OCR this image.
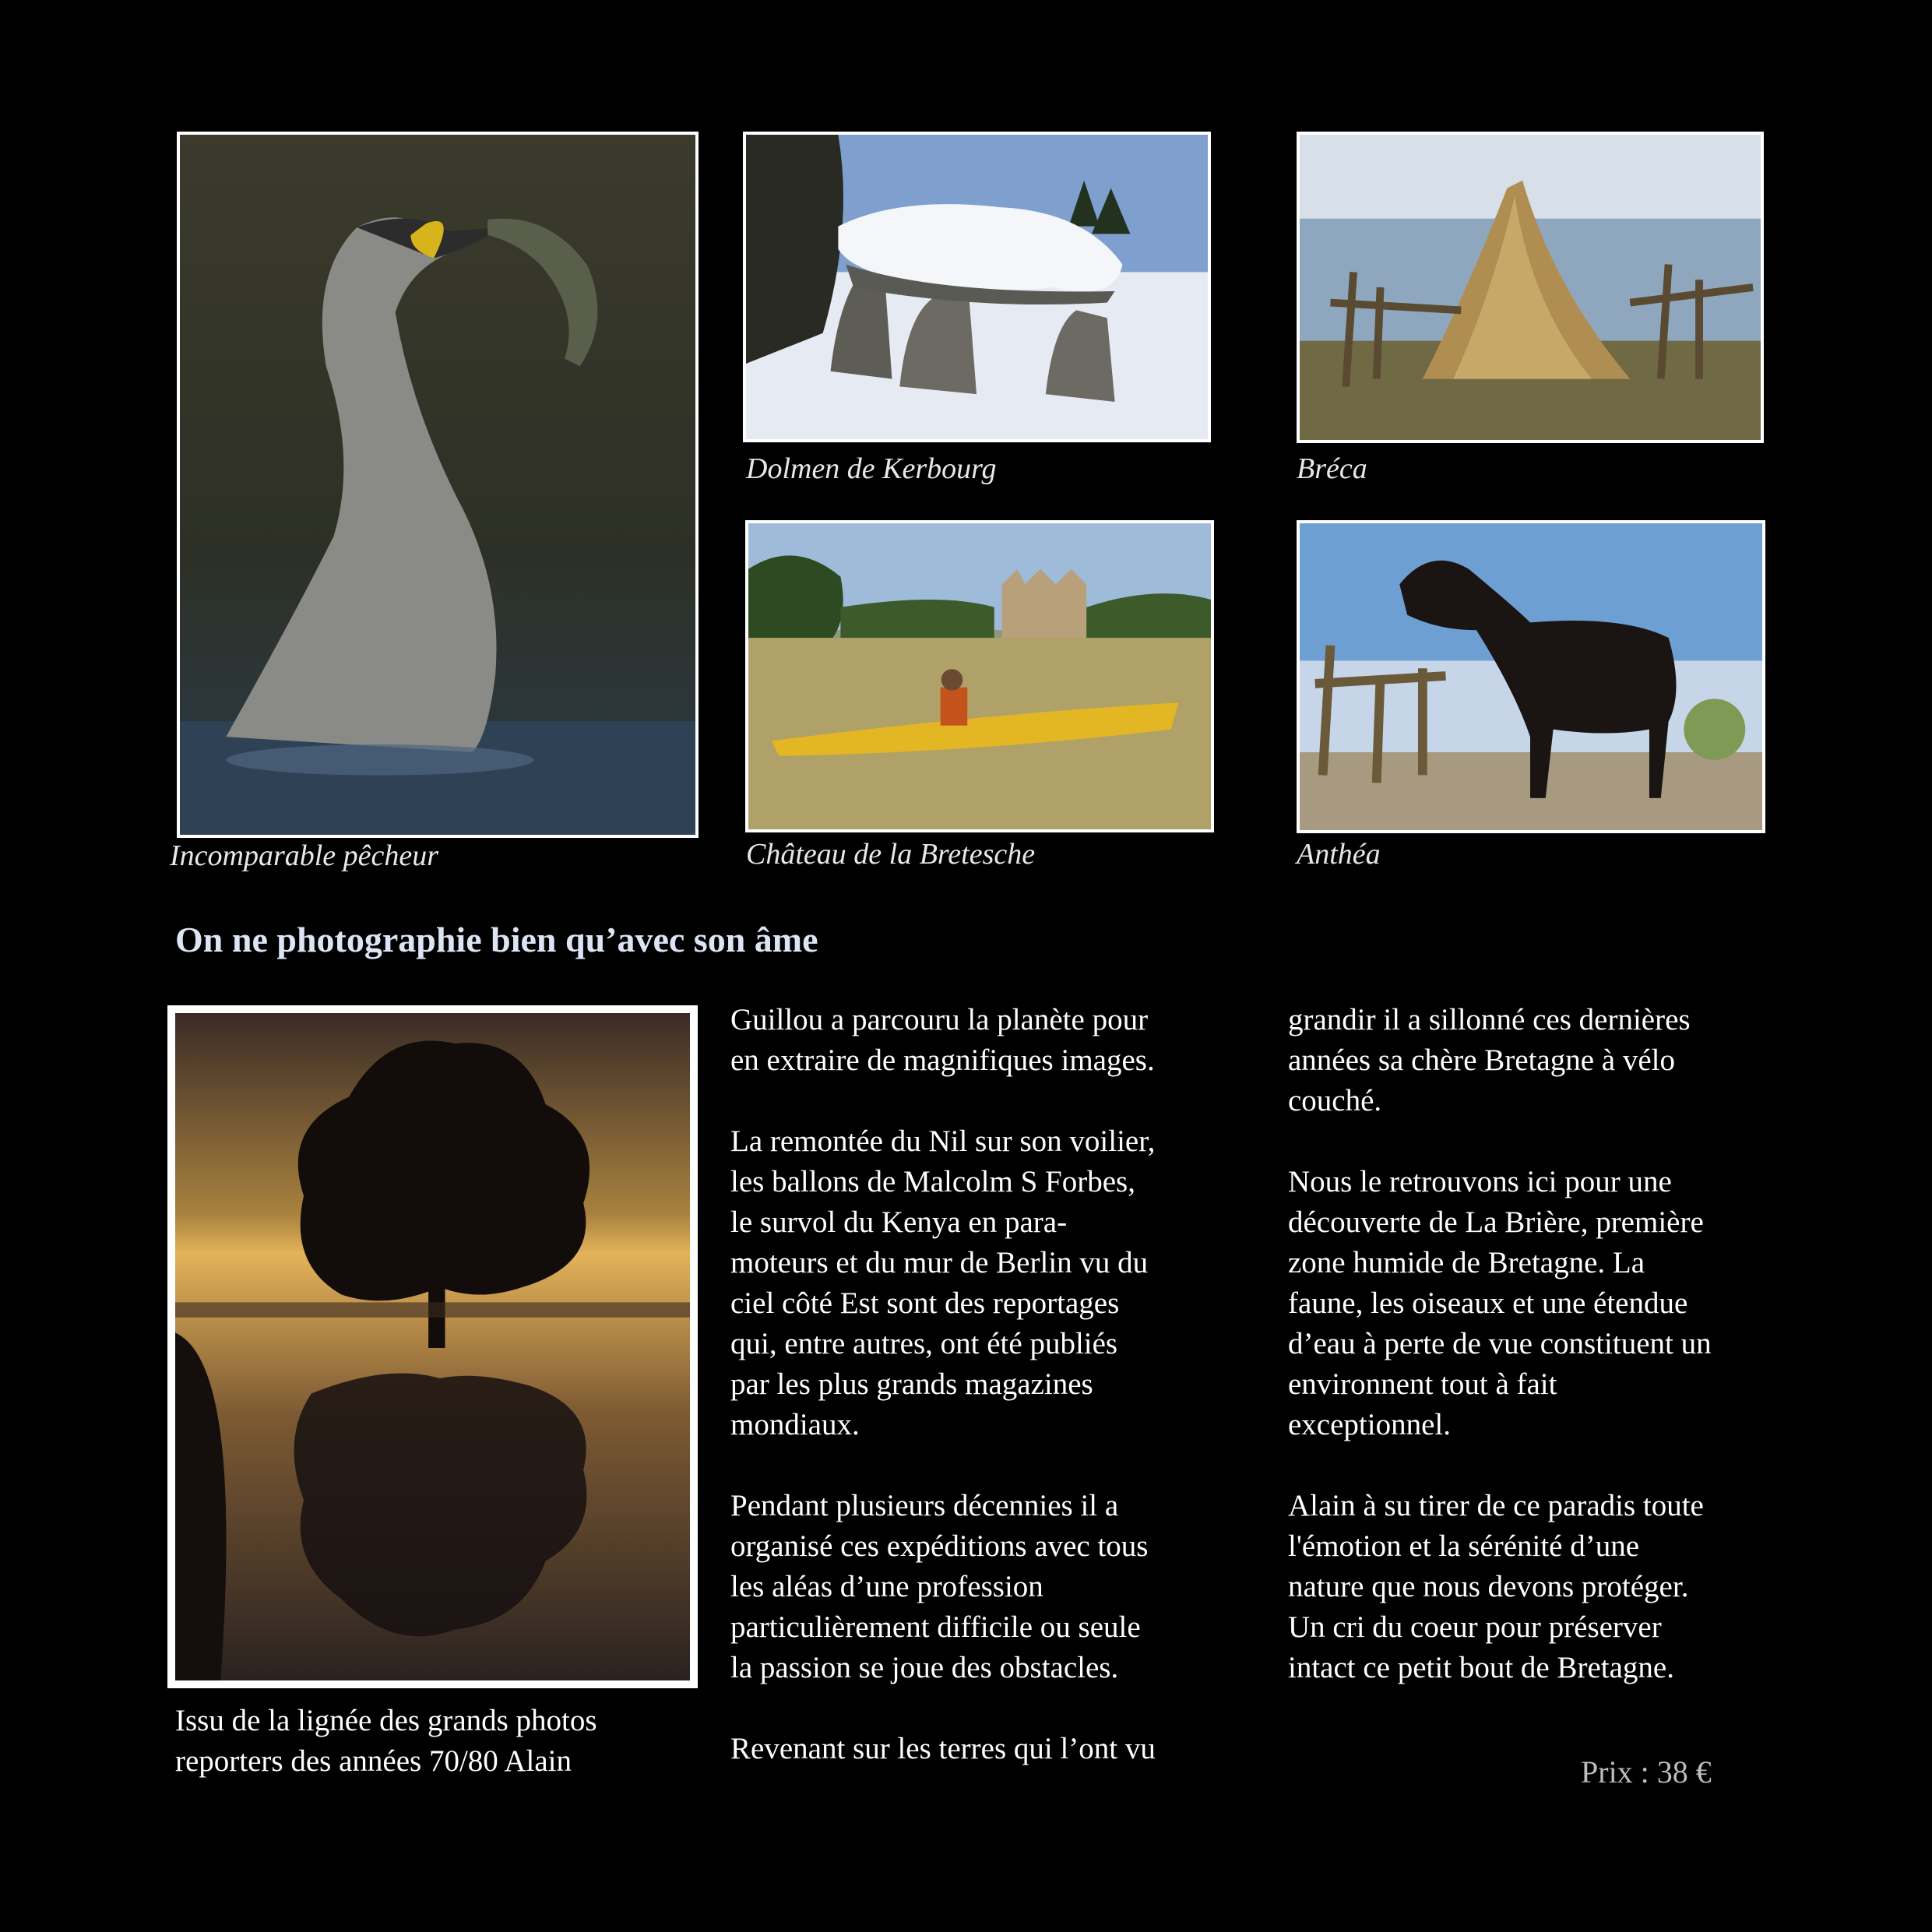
Incomparable pêcheur
Dolmen de Kerbourg	Bréca
Château de la Bretesche	Anthéa
On ne photographie bien qu’avec son âme
Issu de la lignée des grands photos
reporters des années 70/80 Alain

Guillou a parcouru la planète pour
en extraire de magnifiques images.

La remontée du Nil sur son voilier,
les ballons de Malcolm S Forbes,
le survol du Kenya en para-
moteurs et du mur de Berlin vu du
ciel côté Est sont des reportages
qui, entre autres, ont été publiés
par les plus grands magazines
mondiaux.

Pendant plusieurs décennies il a
organisé ces expéditions avec tous
les aléas d’une profession
particulièrement difficile ou seule
la passion se joue des obstacles.

Revenant sur les terres qui l’ont vu

grandir il a sillonné ces dernières
années sa chère Bretagne à vélo
couché.

Nous le retrouvons ici pour une
découverte de La Brière, première
zone humide de Bretagne. La
faune, les oiseaux et une étendue
d’eau à perte de vue constituent un
environnent tout à fait
exceptionnel.

Alain à su tirer de ce paradis toute
l'émotion et la sérénité d’une
nature que nous devons protéger.
Un cri du coeur pour préserver
intact ce petit bout de Bretagne.

Prix : 38 €
